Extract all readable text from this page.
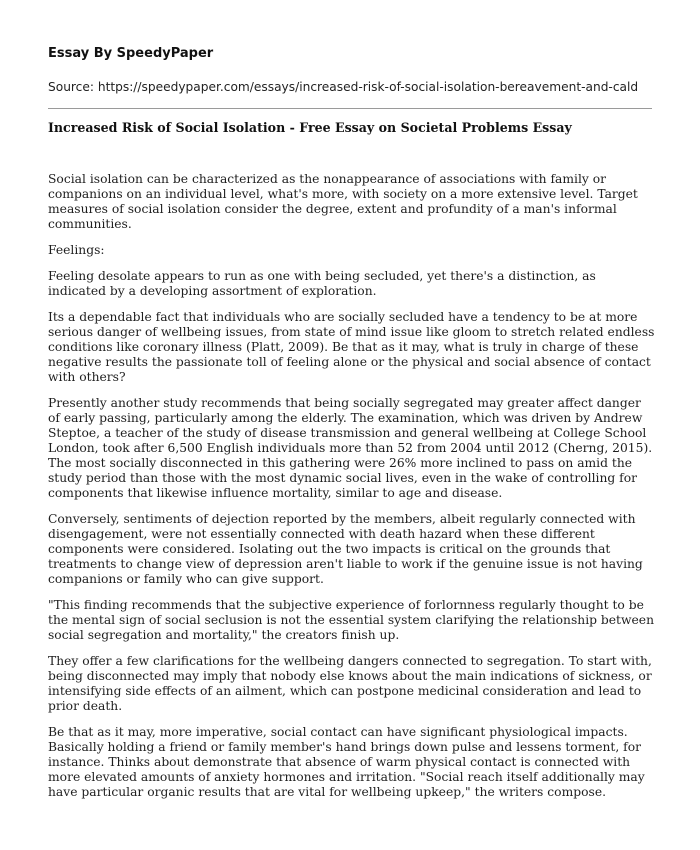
Essay By SpeedyPaper
Source: https://speedypaper.com/essays/increased-risk-of-social-isolation-bereavement-and-cald
Increased Risk of Social Isolation - Free Essay on Societal Problems Essay

Social isolation can be characterized as the nonappearance of associations with family or companions on an individual level, what's more, with society on a more extensive level. Target measures of social isolation consider the degree, extent and profundity of a man's informal communities.

Feelings:

Feeling desolate appears to run as one with being secluded, yet there's a distinction, as indicated by a developing assortment of exploration.

Its a dependable fact that individuals who are socially secluded have a tendency to be at more serious danger of wellbeing issues, from state of mind issue like gloom to stretch related endless conditions like coronary illness (Platt, 2009). Be that as it may, what is truly in charge of these negative results the passionate toll of feeling alone or the physical and social absence of contact with others?

Presently another study recommends that being socially segregated may greater affect danger of early passing, particularly among the elderly. The examination, which was driven by Andrew Steptoe, a teacher of the study of disease transmission and general wellbeing at College School London, took after 6,500 English individuals more than 52 from 2004 until 2012 (Cherng, 2015). The most socially disconnected in this gathering were 26% more inclined to pass on amid the study period than those with the most dynamic social lives, even in the wake of controlling for components that likewise influence mortality, similar to age and disease.

Conversely, sentiments of dejection reported by the members, albeit regularly connected with disengagement, were not essentially connected with death hazard when these different components were considered. Isolating out the two impacts is critical on the grounds that treatments to change view of depression aren't liable to work if the genuine issue is not having companions or family who can give support.

"This finding recommends that the subjective experience of forlornness regularly thought to be the mental sign of social seclusion is not the essential system clarifying the relationship between social segregation and mortality," the creators finish up.

They offer a few clarifications for the wellbeing dangers connected to segregation. To start with, being disconnected may imply that nobody else knows about the main indications of sickness, or intensifying side effects of an ailment, which can postpone medicinal consideration and lead to prior death.

Be that as it may, more imperative, social contact can have significant physiological impacts. Basically holding a friend or family member's hand brings down pulse and lessens torment, for instance. Thinks about demonstrate that absence of warm physical contact is connected with more elevated amounts of anxiety hormones and irritation. "Social reach itself additionally may have particular organic results that are vital for wellbeing upkeep," the writers compose.
